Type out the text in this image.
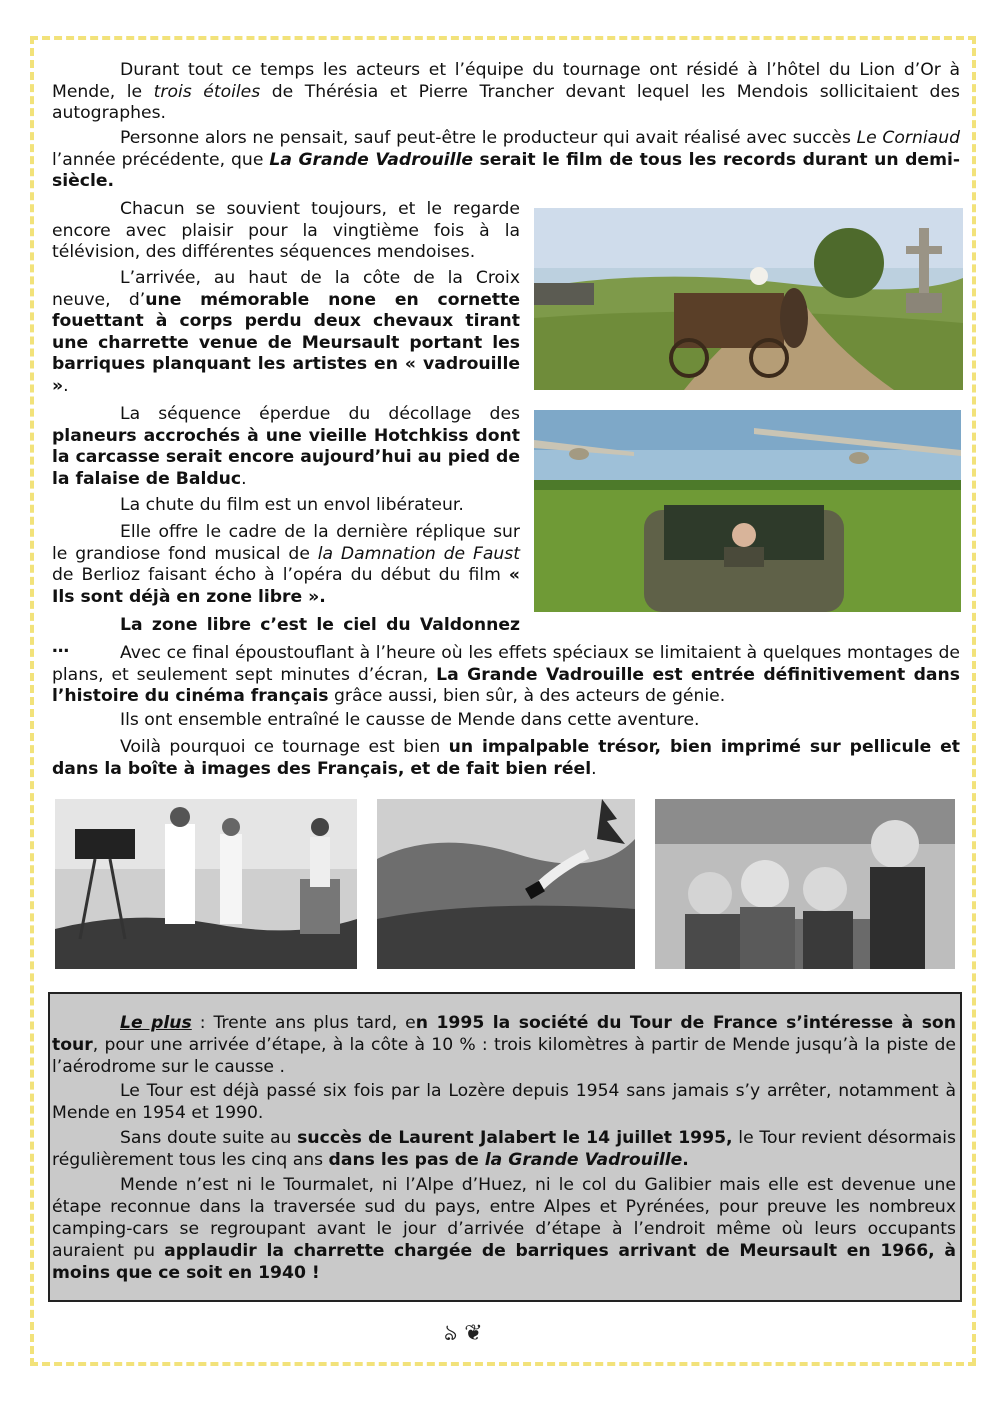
Durant tout ce temps les acteurs et l’équipe du tournage ont résidé à l’hôtel du Lion d’Or à Mende, le trois étoiles de Thérésia et Pierre Trancher devant lequel les Mendois sollicitaient des autographes.

Personne alors ne pensait, sauf peut-être le producteur qui avait réalisé avec succès Le Corniaud l’année précédente, que La Grande Vadrouille serait le film de tous les records durant un demi-siècle.

Chacun se souvient toujours, et le regarde encore avec plaisir pour la vingtième fois à la télévision, des différentes séquences mendoises.

L’arrivée, au haut de la côte de la Croix neuve, d’une mémorable none en cornette fouettant à corps perdu deux chevaux tirant une charrette venue de Meursault portant les barriques planquant les artistes en « vadrouille ».

La séquence éperdue du décollage des planeurs accrochés à une vieille Hotchkiss dont la carcasse serait encore aujourd’hui au pied de la falaise de Balduc.

La chute du film est un envol libérateur.

Elle offre le cadre de la dernière réplique sur le grandiose fond musical de la Damnation de Faust de Berlioz faisant écho à l’opéra du début du film « Ils sont déjà en zone libre ».

La zone libre c’est le ciel du Valdonnez …	Avec ce final époustouflant à l’heure où les effets spéciaux se limitaient à quelques montages de plans, et seulement sept minutes d’écran, La Grande Vadrouille est entrée définitivement dans l’histoire du cinéma français grâce aussi, bien sûr, à des acteurs de génie.

Ils ont ensemble entraîné le causse de Mende dans cette aventure.

Voilà pourquoi ce tournage est bien un impalpable trésor, bien imprimé sur pellicule et dans la boîte à images des Français, et de fait bien réel.

Le plus : Trente ans plus tard, en 1995 la société du Tour de France s’intéresse à son tour, pour une arrivée d’étape, à la côte à 10 % : trois kilomètres à partir de Mende jusqu’à la piste de l’aérodrome sur le causse .

Le Tour est déjà passé six fois par la Lozère depuis 1954 sans jamais s’y arrêter, notamment à Mende en 1954 et 1990.

Sans doute suite au succès de Laurent Jalabert le 14 juillet 1995, le Tour revient désormais régulièrement tous les cinq ans dans les pas de la Grande Vadrouille.

Mende n’est ni le Tourmalet, ni l’Alpe d’Huez, ni le col du Galibier mais elle est devenue une étape reconnue dans la traversée sud du pays, entre Alpes et Pyrénées, pour preuve les nombreux camping-cars se regroupant avant le jour d’arrivée d’étape à l’endroit même où leurs occupants auraient pu applaudir la charrette chargée de barriques arrivant de Meursault en 1966, à moins que ce soit en 1940 !

ঌ ❦
